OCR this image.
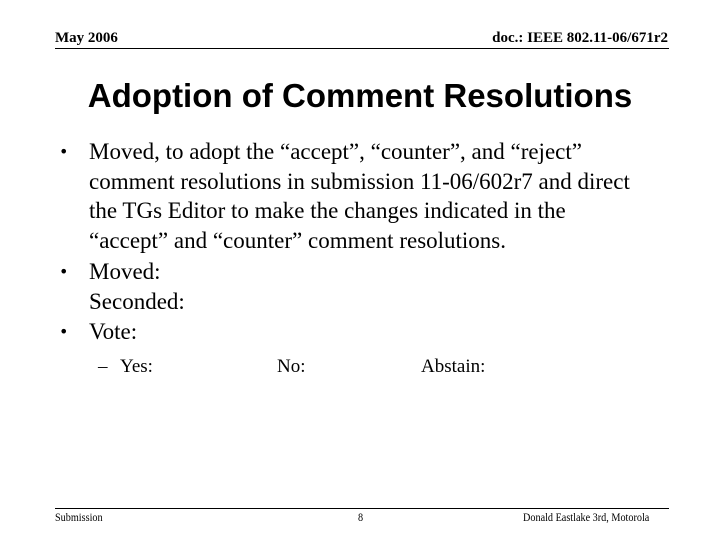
May 2006	doc.: IEEE 802.11-06/671r2
Adoption of Comment Resolutions
• Moved, to adopt the “accept”, “counter”, and “reject”
comment resolutions in submission 11-06/602r7 and direct
the TGs Editor to make the changes indicated in the
“accept” and “counter” comment resolutions.
• Moved:
Seconded:
• Vote:
– Yes:	No:	Abstain:
Submission	8	Donald Eastlake 3rd, Motorola
